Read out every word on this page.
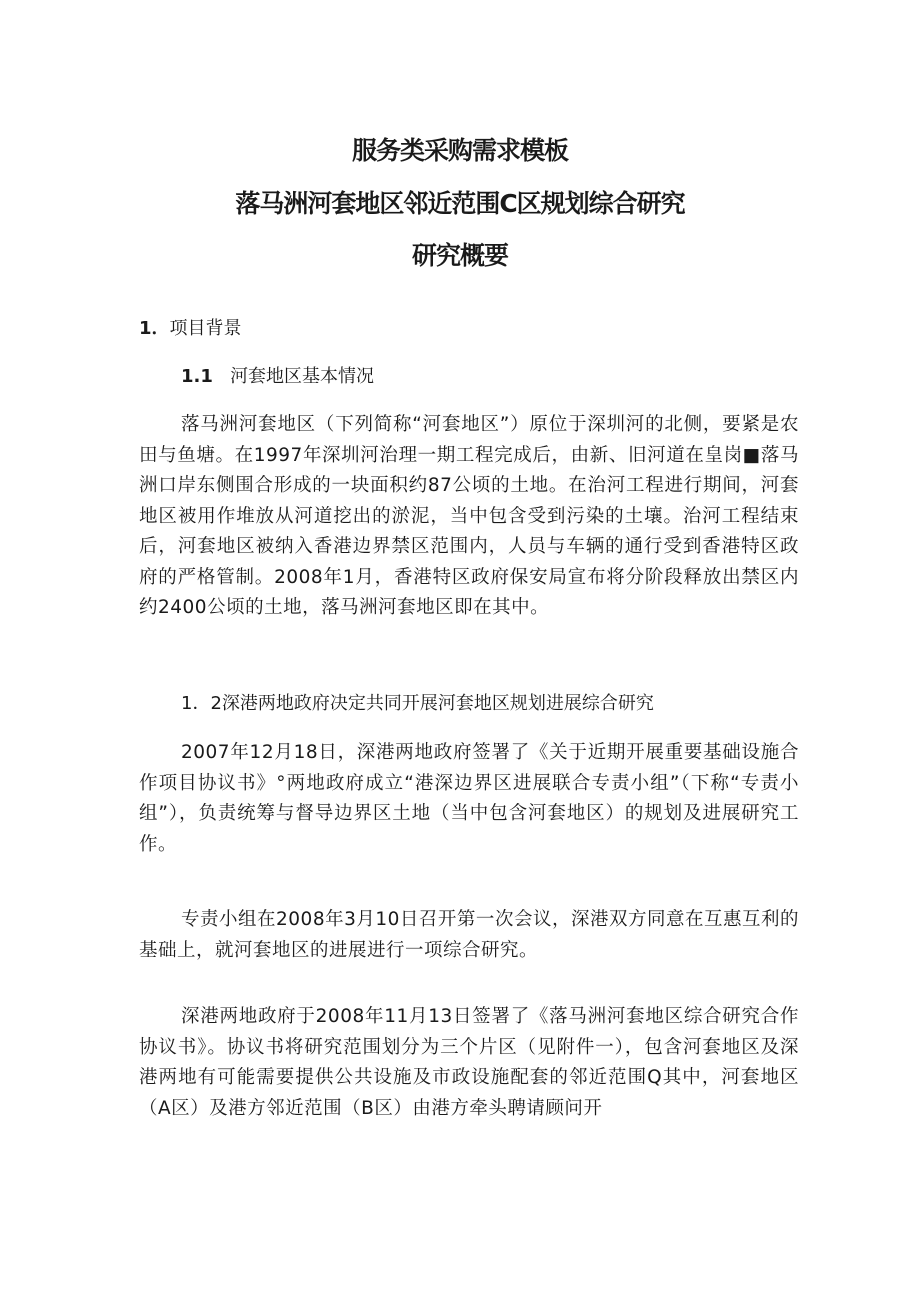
服务类采购需求模板
落马洲河套地区邻近范围C区规划综合研究
研究概要
1．项目背景
1.1 河套地区基本情况

落马洲河套地区（下列简称“河套地区”）原位于深圳河的北侧，要紧是农田与鱼塘。在1997年深圳河治理一期工程完成后，由新、旧河道在皇岗■落马洲口岸东侧围合形成的一块面积约87公顷的土地。在治河工程进行期间，河套地区被用作堆放从河道挖出的淤泥，当中包含受到污染的土壤。治河工程结束后，河套地区被纳入香港边界禁区范围内，人员与车辆的通行受到香港特区政府的严格管制。2008年1月，香港特区政府保安局宣布将分阶段释放出禁区内约2400公顷的土地，落马洲河套地区即在其中。

1．2深港两地政府决定共同开展河套地区规划进展综合研究

2007年12月18日，深港两地政府签署了《关于近期开展重要基础设施合作项目协议书》°两地政府成立“港深边界区进展联合专责小组”（下称“专责小组”），负责统筹与督导边界区土地（当中包含河套地区）的规划及进展研究工作。

专责小组在2008年3月10日召开第一次会议，深港双方同意在互惠互利的基础上，就河套地区的进展进行一项综合研究。

深港两地政府于2008年11月13日签署了《落马洲河套地区综合研究合作协议书》。协议书将研究范围划分为三个片区（见附件一），包含河套地区及深港两地有可能需要提供公共设施及市政设施配套的邻近范围Q其中，河套地区（A区）及港方邻近范围（B区）由港方牵头聘请顾问开
